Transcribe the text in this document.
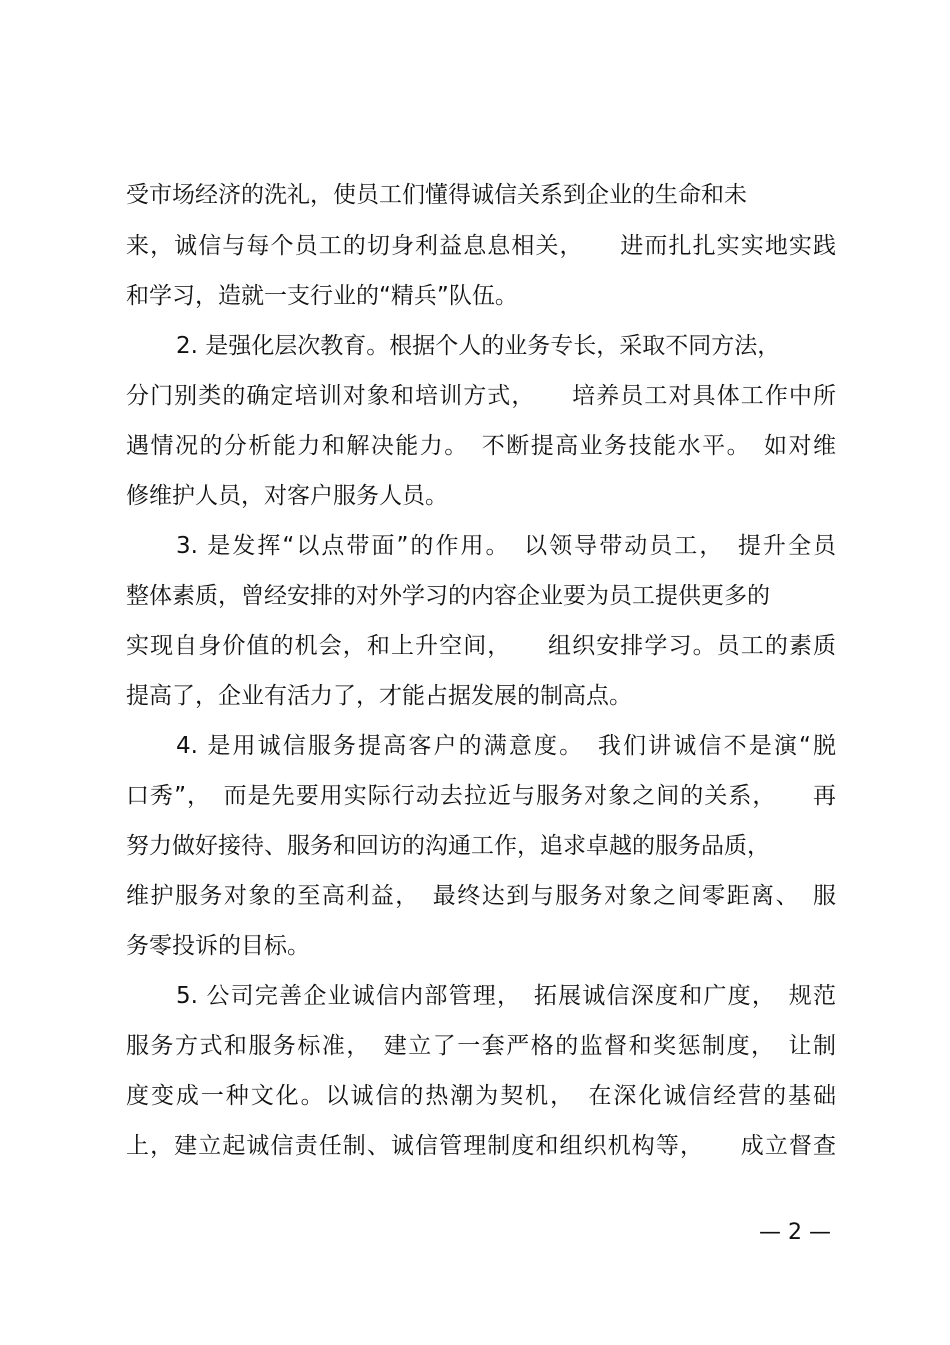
受市场经济的洗礼，使员工们懂得诚信关系到企业的生命和未
来，诚信与每个员工的切身利益息息相关，　　进而扎扎实实地实践
和学习，造就一支行业的“精兵”队伍。
2. 是强化层次教育。根据个人的业务专长，采取不同方法，
分门别类的确定培训对象和培训方式，　　培养员工对具体工作中所
遇情况的分析能力和解决能力。　不断提高业务技能水平。　如对维
修维护人员，对客户服务人员。
3. 是发挥“以点带面”的作用。　以领导带动员工，　提升全员
整体素质，曾经安排的对外学习的内容企业要为员工提供更多的
实现自身价值的机会，和上升空间，　　组织安排学习。员工的素质
提高了，企业有活力了，才能占据发展的制高点。
4. 是用诚信服务提高客户的满意度。　我们讲诚信不是演“脱
口秀”，　而是先要用实际行动去拉近与服务对象之间的关系，　　再
努力做好接待、服务和回访的沟通工作，追求卓越的服务品质，
维护服务对象的至高利益，　最终达到与服务对象之间零距离、　服
务零投诉的目标。
5. 公司完善企业诚信内部管理，　拓展诚信深度和广度，　规范
服务方式和服务标准，　建立了一套严格的监督和奖惩制度，　让制
度变成一种文化。以诚信的热潮为契机，　在深化诚信经营的基础
上，建立起诚信责任制、诚信管理制度和组织机构等，　　成立督查
— 2 —
